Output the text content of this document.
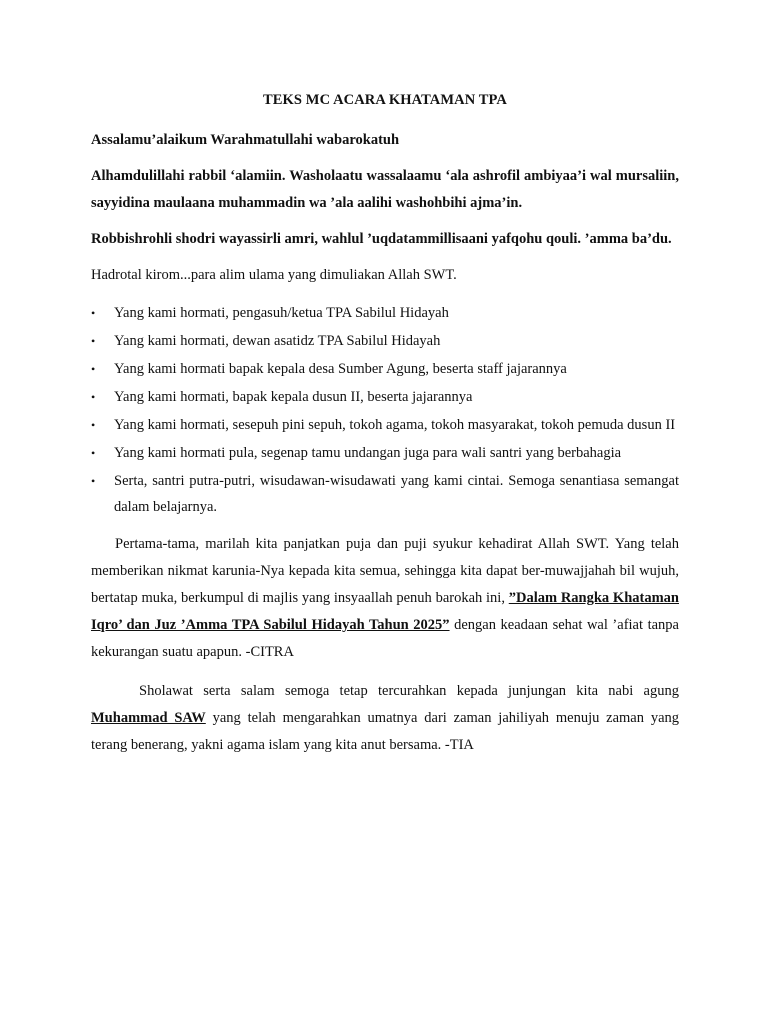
TEKS MC ACARA KHATAMAN TPA

Assalamu’alaikum Warahmatullahi wabarokatuh

Alhamdulillahi rabbil ‘alamiin. Washolaatu wassalaamu ‘ala ashrofil ambiyaa’i wal mursaliin, sayyidina maulaana muhammadin wa ’ala aalihi washohbihi ajma’in.

Robbishrohli shodri wayassirli amri, wahlul ’uqdatammillisaani yafqohu qouli. ’amma ba’du.

Hadrotal kirom...para alim ulama yang dimuliakan Allah SWT.

• Yang kami hormati, pengasuh/ketua TPA Sabilul Hidayah
• Yang kami hormati, dewan asatidz TPA Sabilul Hidayah
• Yang kami hormati bapak kepala desa Sumber Agung, beserta staff jajarannya
• Yang kami hormati, bapak kepala dusun II, beserta jajarannya
• Yang kami hormati, sesepuh pini sepuh, tokoh agama, tokoh masyarakat, tokoh pemuda dusun II
• Yang kami hormati pula, segenap tamu undangan juga para wali santri yang berbahagia
• Serta, santri putra-putri, wisudawan-wisudawati yang kami cintai. Semoga senantiasa semangat dalam belajarnya.

Pertama-tama, marilah kita panjatkan puja dan puji syukur kehadirat Allah SWT. Yang telah memberikan nikmat karunia-Nya kepada kita semua, sehingga kita dapat ber-muwajjahah bil wujuh, bertatap muka, berkumpul di majlis yang insyaallah penuh barokah ini, ”Dalam Rangka Khataman Iqro’ dan Juz ’Amma TPA Sabilul Hidayah Tahun 2025” dengan keadaan sehat wal ’afiat tanpa kekurangan suatu apapun. -CITRA

Sholawat serta salam semoga tetap tercurahkan kepada junjungan kita nabi agung Muhammad SAW yang telah mengarahkan umatnya dari zaman jahiliyah menuju zaman yang terang benerang, yakni agama islam yang kita anut bersama. -TIA
